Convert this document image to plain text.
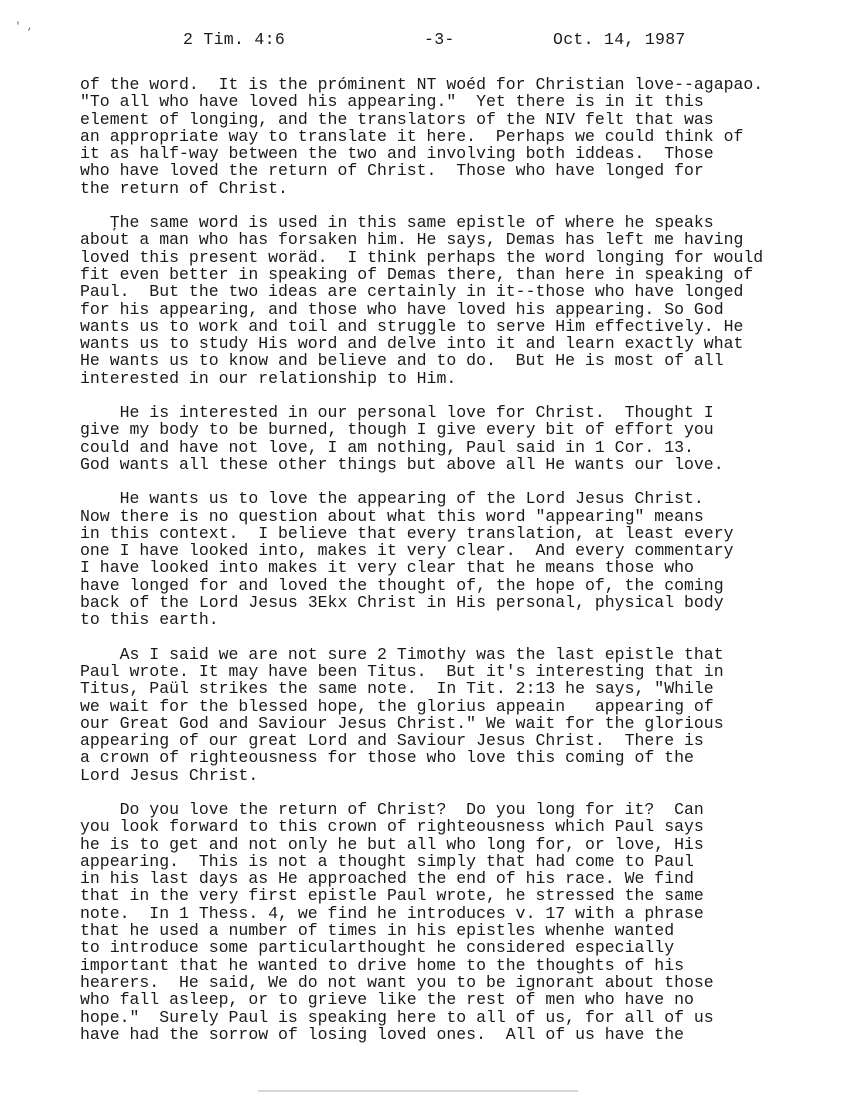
' ,
2 Tim. 4:6	-3-	Oct. 14, 1987
of the word.  It is the próminent NT woéd for Christian love--agapao.
"To all who have loved his appearing."  Yet there is in it this
element of longing, and the translators of the NIV felt that was
an appropriate way to translate it here.  Perhaps we could think of
it as half-way between the two and involving both iddeas.  Those
who have loved the return of Christ.  Those who have longed for
the return of Christ.
Ţhe same word is used in this same epistle of where he speaks
about a man who has forsaken him. He says, Demas has left me having
loved this present woräd.  I think perhaps the word longing for would
fit even better in speaking of Demas there, than here in speaking of
Paul.  But the two ideas are certainly in it--those who have longed
for his appearing, and those who have loved his appearing. So God
wants us to work and toil and struggle to serve Him effectively. He
wants us to study His word and delve into it and learn exactly what
He wants us to know and believe and to do.  But He is most of all
interested in our relationship to Him.
He is interested in our personal love for Christ.  Thought I
give my body to be burned, though I give every bit of effort you
could and have not love, I am nothing, Paul said in 1 Cor. 13.
God wants all these other things but above all He wants our love.
He wants us to love the appearing of the Lord Jesus Christ.
Now there is no question about what this word "appearing" means
in this context.  I believe that every translation, at least every
one I have looked into, makes it very clear.  And every commentary
I have looked into makes it very clear that he means those who
have longed for and loved the thought of, the hope of, the coming
back of the Lord Jesus 3Ekx Christ in His personal, physical body
to this earth.
As I said we are not sure 2 Timothy was the last epistle that
Paul wrote. It may have been Titus.  But it's interesting that in
Titus, Paül strikes the same note.  In Tit. 2:13 he says, "While
we wait for the blessed hope, the glorius appeain   appearing of
our Great God and Saviour Jesus Christ." We wait for the glorious
appearing of our great Lord and Saviour Jesus Christ.  There is
a crown of righteousness for those who love this coming of the
Lord Jesus Christ.
Do you love the return of Christ?  Do you long for it?  Can
you look forward to this crown of righteousness which Paul says
he is to get and not only he but all who long for, or love, His
appearing.  This is not a thought simply that had come to Paul
in his last days as He approached the end of his race. We find
that in the very first epistle Paul wrote, he stressed the same
note.  In 1 Thess. 4, we find he introduces v. 17 with a phrase
that he used a number of times in his epistles whenhe wanted
to introduce some particularthought he considered especially
important that he wanted to drive home to the thoughts of his
hearers.  He said, We do not want you to be ignorant about those
who fall asleep, or to grieve like the rest of men who have no
hope."  Surely Paul is speaking here to all of us, for all of us
have had the sorrow of losing loved ones.  All of us have the
